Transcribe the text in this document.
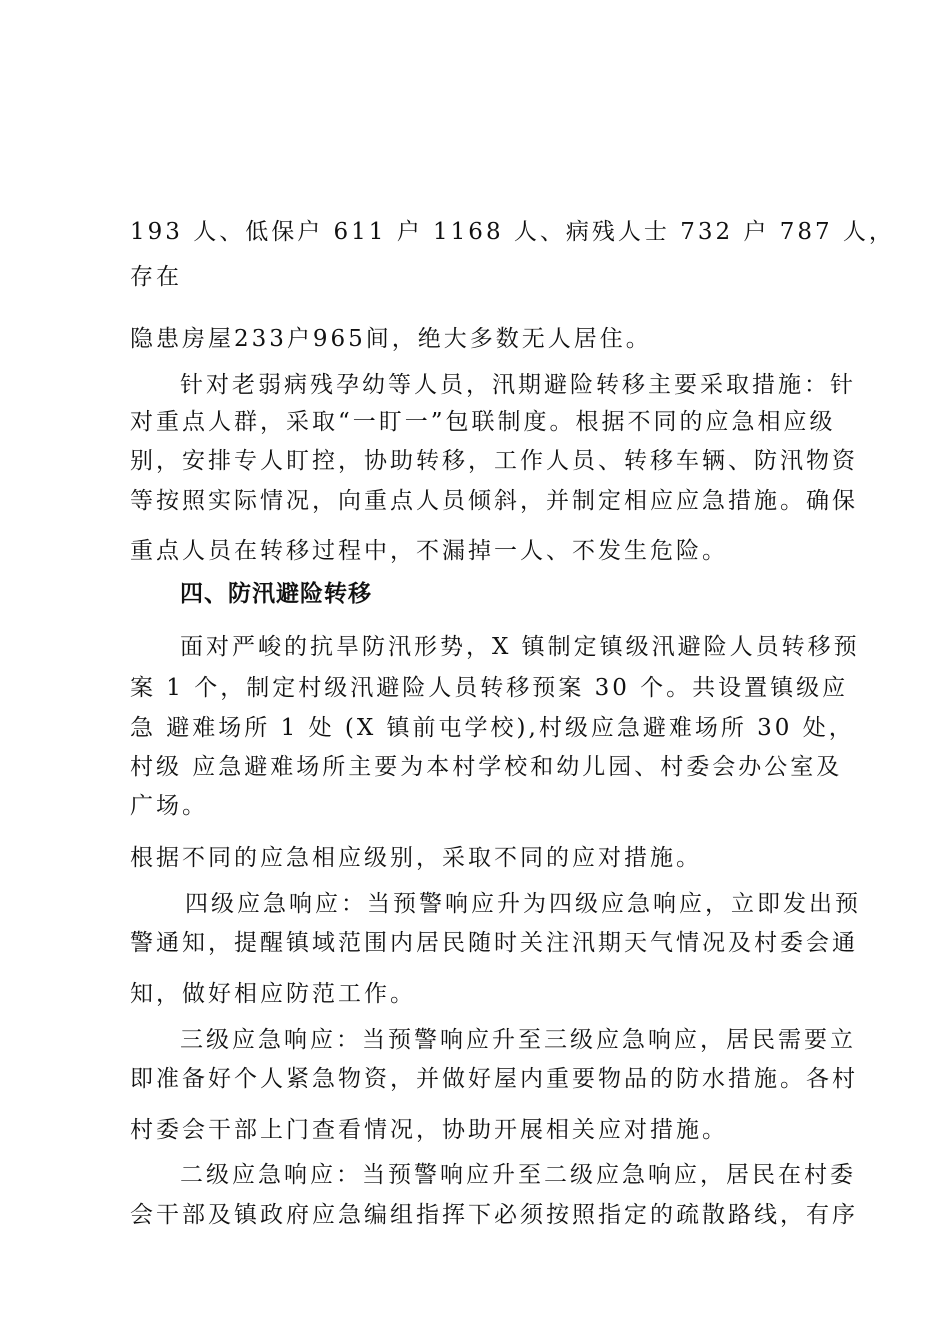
193 人、低保户 611 户 1168 人、病残人士 732 户 787 人，
存在
隐患房屋233户965间，绝大多数无人居住。
针对老弱病残孕幼等人员，汛期避险转移主要采取措施：针
对重点人群，采取“一盯一”包联制度。根据不同的应急相应级
别，安排专人盯控，协助转移，工作人员、转移车辆、防汛物资
等按照实际情况，向重点人员倾斜，并制定相应应急措施。确保
重点人员在转移过程中，不漏掉一人、不发生危险。
四、防汛避险转移
面对严峻的抗旱防汛形势，X 镇制定镇级汛避险人员转移预
案 1 个，制定村级汛避险人员转移预案 30 个。共设置镇级应
急 避难场所 1 处 (X 镇前屯学校),村级应急避难场所 30 处，
村级 应急避难场所主要为本村学校和幼儿园、村委会办公室及
广场。
根据不同的应急相应级别，采取不同的应对措施。
四级应急响应：当预警响应升为四级应急响应，立即发出预
警通知，提醒镇域范围内居民随时关注汛期天气情况及村委会通
知，做好相应防范工作。
三级应急响应：当预警响应升至三级应急响应，居民需要立
即准备好个人紧急物资，并做好屋内重要物品的防水措施。各村
村委会干部上门查看情况，协助开展相关应对措施。
二级应急响应：当预警响应升至二级应急响应，居民在村委
会干部及镇政府应急编组指挥下必须按照指定的疏散路线，有序
